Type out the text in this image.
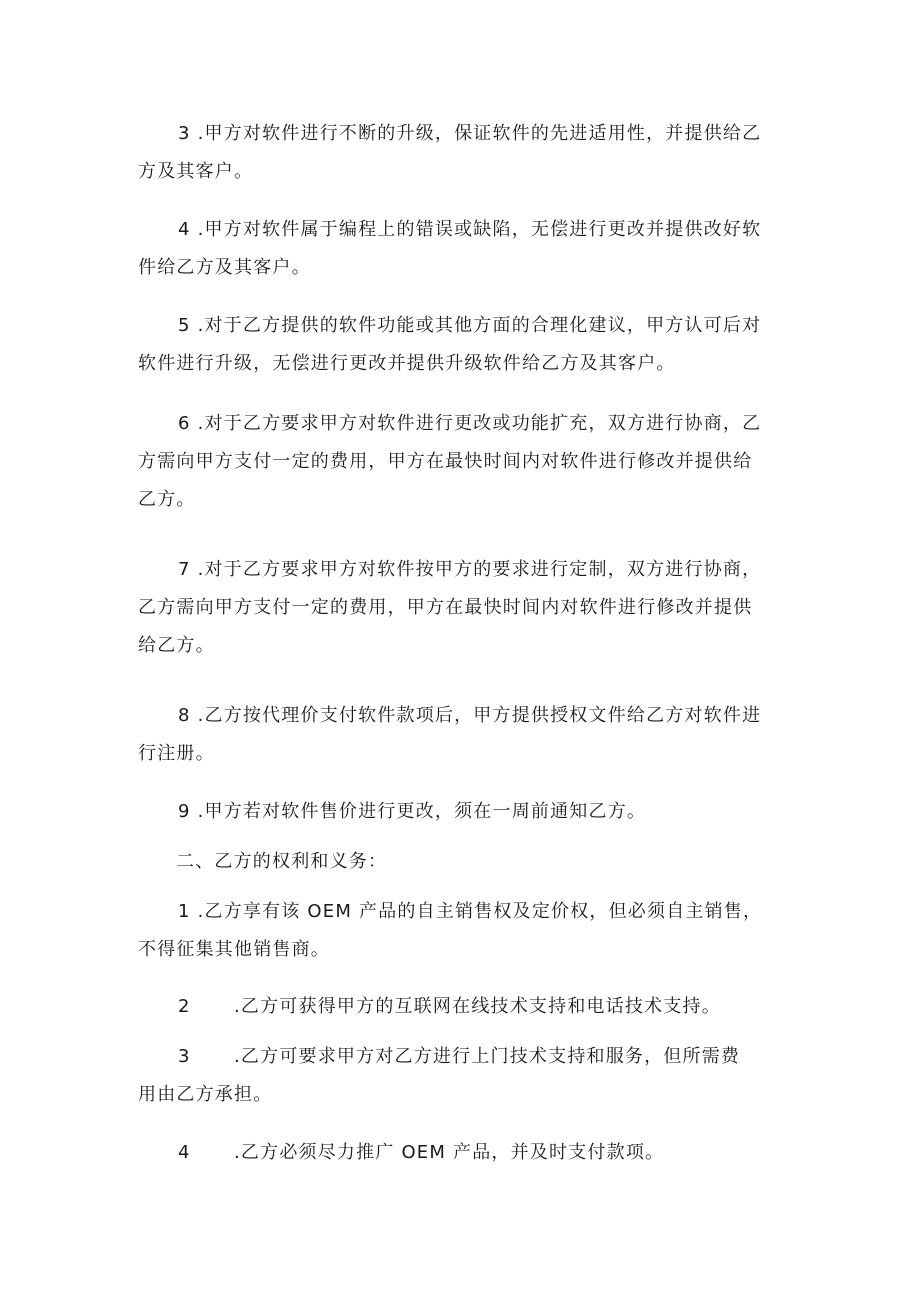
3 .甲方对软件进行不断的升级，保证软件的先进适用性，并提供给乙
方及其客户。

4 .甲方对软件属于编程上的错误或缺陷，无偿进行更改并提供改好软
件给乙方及其客户。

5 .对于乙方提供的软件功能或其他方面的合理化建议，甲方认可后对
软件进行升级，无偿进行更改并提供升级软件给乙方及其客户。

6 .对于乙方要求甲方对软件进行更改或功能扩充，双方进行协商，乙
方需向甲方支付一定的费用，甲方在最快时间内对软件进行修改并提供给
乙方。

7 .对于乙方要求甲方对软件按甲方的要求进行定制，双方进行协商，
乙方需向甲方支付一定的费用，甲方在最快时间内对软件进行修改并提供
给乙方。

8 .乙方按代理价支付软件款项后，甲方提供授权文件给乙方对软件进
行注册。

9 .甲方若对软件售价进行更改，须在一周前通知乙方。

二、乙方的权利和义务：

1 .乙方享有该 OEM 产品的自主销售权及定价权，但必须自主销售，
不得征集其他销售商。

2 .乙方可获得甲方的互联网在线技术支持和电话技术支持。

3 .乙方可要求甲方对乙方进行上门技术支持和服务，但所需费
用由乙方承担。

4 .乙方必须尽力推广 OEM 产品，并及时支付款项。
